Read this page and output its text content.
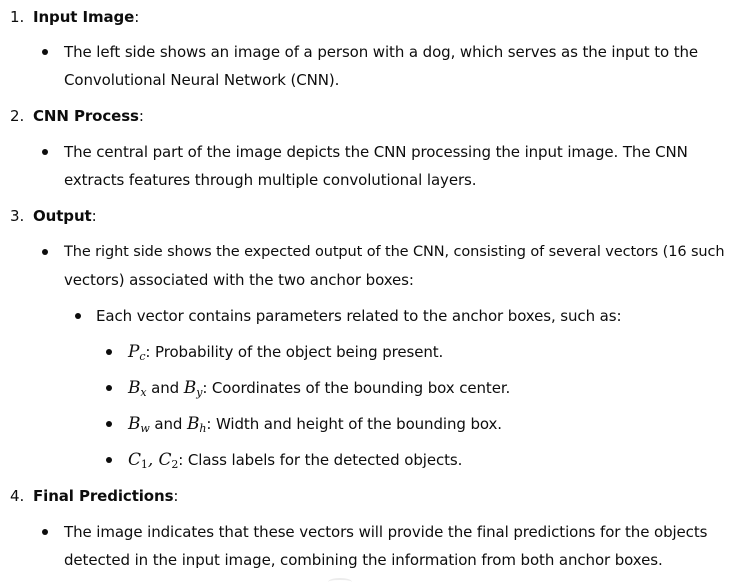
1. Input Image:
The left side shows an image of a person with a dog, which serves as the input to the
Convolutional Neural Network (CNN).
2. CNN Process:
The central part of the image depicts the CNN processing the input image. The CNN
extracts features through multiple convolutional layers.
3. Output:
The right side shows the expected output of the CNN, consisting of several vectors (16 such
vectors) associated with the two anchor boxes:
Each vector contains parameters related to the anchor boxes, such as:
$P_c$: Probability of the object being present.
$B_x$ and $B_y$: Coordinates of the bounding box center.
$B_w$ and $B_h$: Width and height of the bounding box.
$C_1$, $C_2$: Class labels for the detected objects.
4. Final Predictions:
The image indicates that these vectors will provide the final predictions for the objects
detected in the input image, combining the information from both anchor boxes.
